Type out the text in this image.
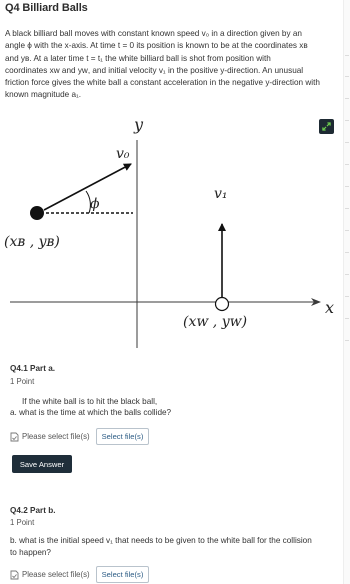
Q4 Billiard Balls
A black billiard ball moves with constant known speed v₀ in a direction given by an
angle ϕ with the x-axis. At time t = 0 its position is known to be at the coordinates xʙ
and yʙ. At a later time t = t₁ the white billiard ball is shot from position with
coordinates xᴡ and yᴡ, and initial velocity v₁ in the positive y-direction. An unusual
friction force gives the white ball a constant acceleration in the negative y-direction with
known magnitude a₁.
y
x
ϕ
v₀
(xʙ , yʙ)
v₁
(xᴡ , yᴡ)
Q4.1 Part a.
1 Point
If the white ball is to hit the black ball,
a. what is the time at which the balls collide?
Please select file(s)	Select file(s)
Save Answer
Q4.2 Part b.
1 Point
b. what is the initial speed v₁ that needs to be given to the white ball for the collision
to happen?
Please select file(s)	Select file(s)
